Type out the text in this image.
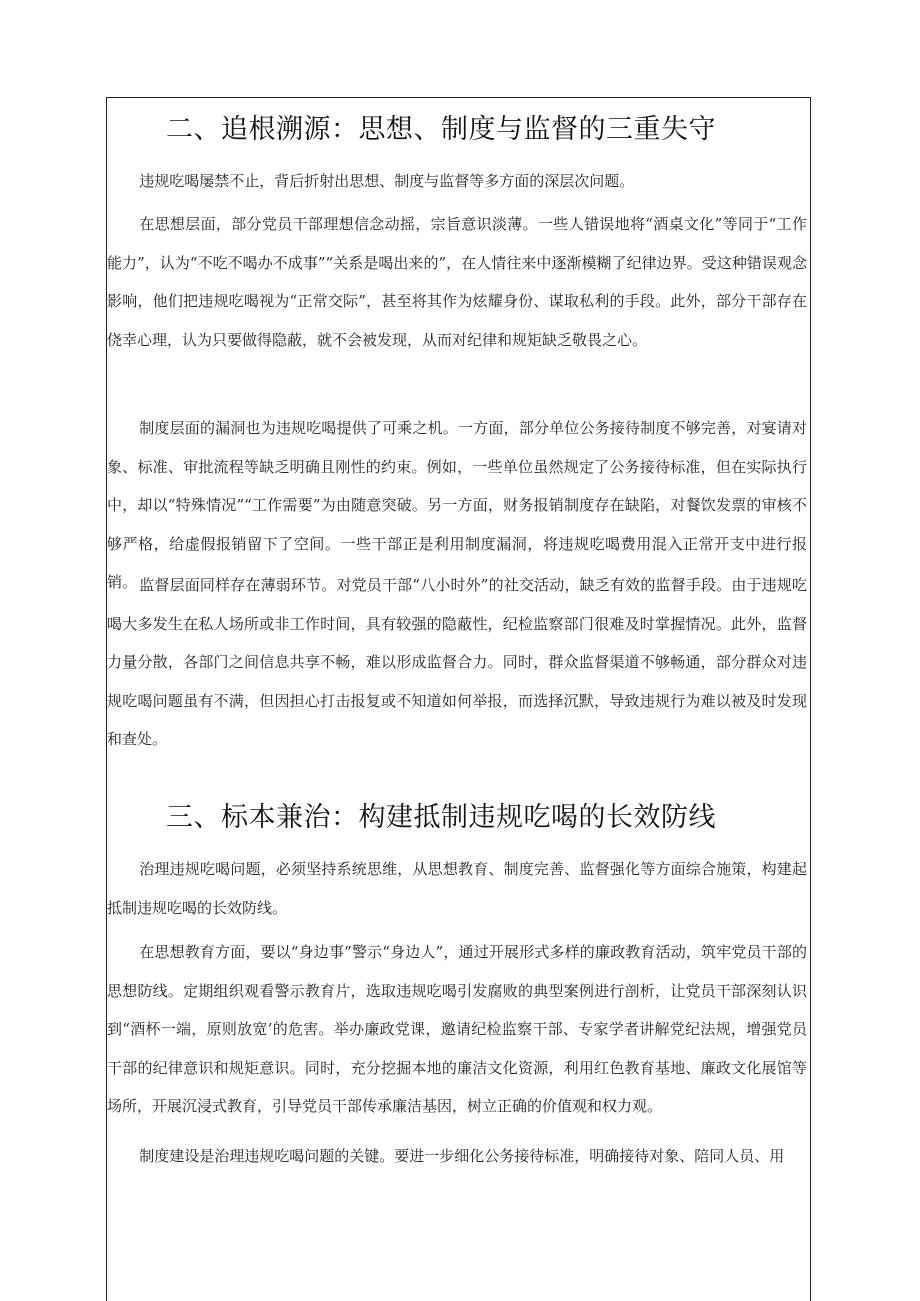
二、追根溯源：思想、制度与监督的三重失守

违规吃喝屡禁不止，背后折射出思想、制度与监督等多方面的深层次问题。

在思想层面，部分党员干部理想信念动摇，宗旨意识淡薄。一些人错误地将“酒桌文化”等同于“工作能力”，认为“不吃不喝办不成事”“关系是喝出来的”，在人情往来中逐渐模糊了纪律边界。受这种错误观念影响，他们把违规吃喝视为“正常交际”，甚至将其作为炫耀身份、谋取私利的手段。此外，部分干部存在侥幸心理，认为只要做得隐蔽，就不会被发现，从而对纪律和规矩缺乏敬畏之心。

制度层面的漏洞也为违规吃喝提供了可乘之机。一方面，部分单位公务接待制度不够完善，对宴请对象、标准、审批流程等缺乏明确且刚性的约束。例如，一些单位虽然规定了公务接待标准，但在实际执行中，却以“特殊情况”“工作需要”为由随意突破。另一方面，财务报销制度存在缺陷，对餐饮发票的审核不够严格，给虚假报销留下了空间。一些干部正是利用制度漏洞，将违规吃喝费用混入正常开支中进行报销。 监督层面同样存在薄弱环节。对党员干部“八小时外”的社交活动，缺乏有效的监督手段。由于违规吃喝大多发生在私人场所或非工作时间，具有较强的隐蔽性，纪检监察部门很难及时掌握情况。此外，监督力量分散，各部门之间信息共享不畅，难以形成监督合力。同时，群众监督渠道不够畅通，部分群众对违规吃喝问题虽有不满，但因担心打击报复或不知道如何举报，而选择沉默，导致违规行为难以被及时发现和查处。

三、标本兼治：构建抵制违规吃喝的长效防线

治理违规吃喝问题，必须坚持系统思维，从思想教育、制度完善、监督强化等方面综合施策，构建起抵制违规吃喝的长效防线。

在思想教育方面，要以“身边事”警示“身边人”，通过开展形式多样的廉政教育活动，筑牢党员干部的思想防线。定期组织观看警示教育片，选取违规吃喝引发腐败的典型案例进行剖析，让党员干部深刻认识到“酒杯一端，原则放宽’的危害。举办廉政党课，邀请纪检监察干部、专家学者讲解党纪法规，增强党员干部的纪律意识和规矩意识。同时，充分挖掘本地的廉洁文化资源，利用红色教育基地、廉政文化展馆等场所，开展沉浸式教育，引导党员干部传承廉洁基因，树立正确的价值观和权力观。

制度建设是治理违规吃喝问题的关键。要进一步细化公务接待标准，明确接待对象、陪同人员、用
